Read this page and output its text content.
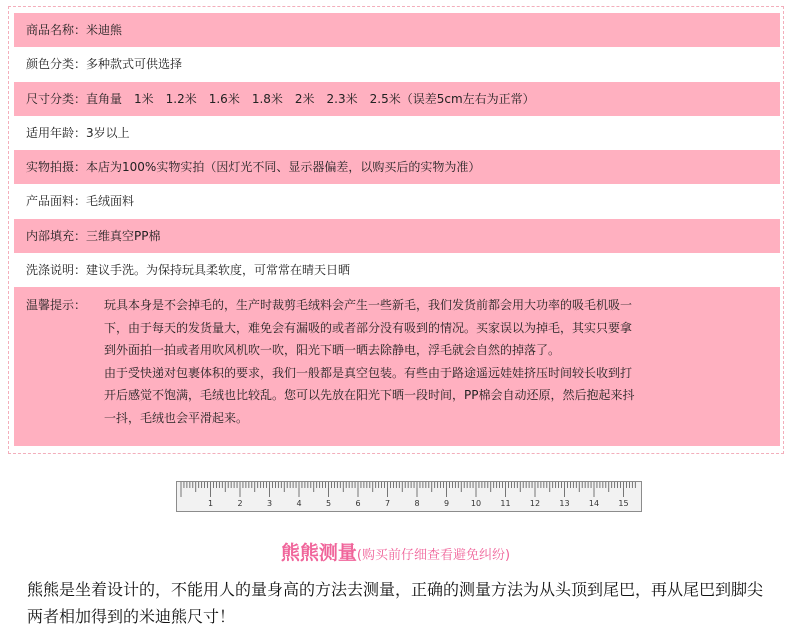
商品名称：米迪熊
颜色分类：多种款式可供选择
尺寸分类：直角量　1米　1.2米　1.6米　1.8米　2米　2.3米　2.5米（误差5cm左右为正常）
适用年龄：3岁以上
实物拍摄：本店为100%实物实拍（因灯光不同、显示器偏差，以购买后的实物为准）
产品面料：毛绒面料
内部填充：三维真空PP棉
洗涤说明：建议手洗。为保持玩具柔软度，可常常在晴天日晒
温馨提示： 玩具本身是不会掉毛的，生产时裁剪毛绒料会产生一些新毛，我们发货前都会用大功率的吸毛机吸一

下，由于每天的发货量大，难免会有漏吸的或者部分没有吸到的情况。买家误以为掉毛，其实只要拿

到外面拍一拍或者用吹风机吹一吹，阳光下晒一晒去除静电，浮毛就会自然的掉落了。

由于受快递对包裹体积的要求，我们一般都是真空包装。有些由于路途遥远娃娃挤压时间较长收到打

开后感觉不饱满，毛绒也比较乱。您可以先放在阳光下晒一段时间，PP棉会自动还原，然后抱起来抖

一抖，毛绒也会平滑起来。

1	2	3	4	5	6	7	8	9	10 11 12 13 14 15
熊熊测量(购买前仔细查看避免纠纷)

熊熊是坐着设计的，不能用人的量身高的方法去测量，正确的测量方法为从头顶到尾巴，再从尾巴到脚尖两者相加得到的米迪熊尺寸！
